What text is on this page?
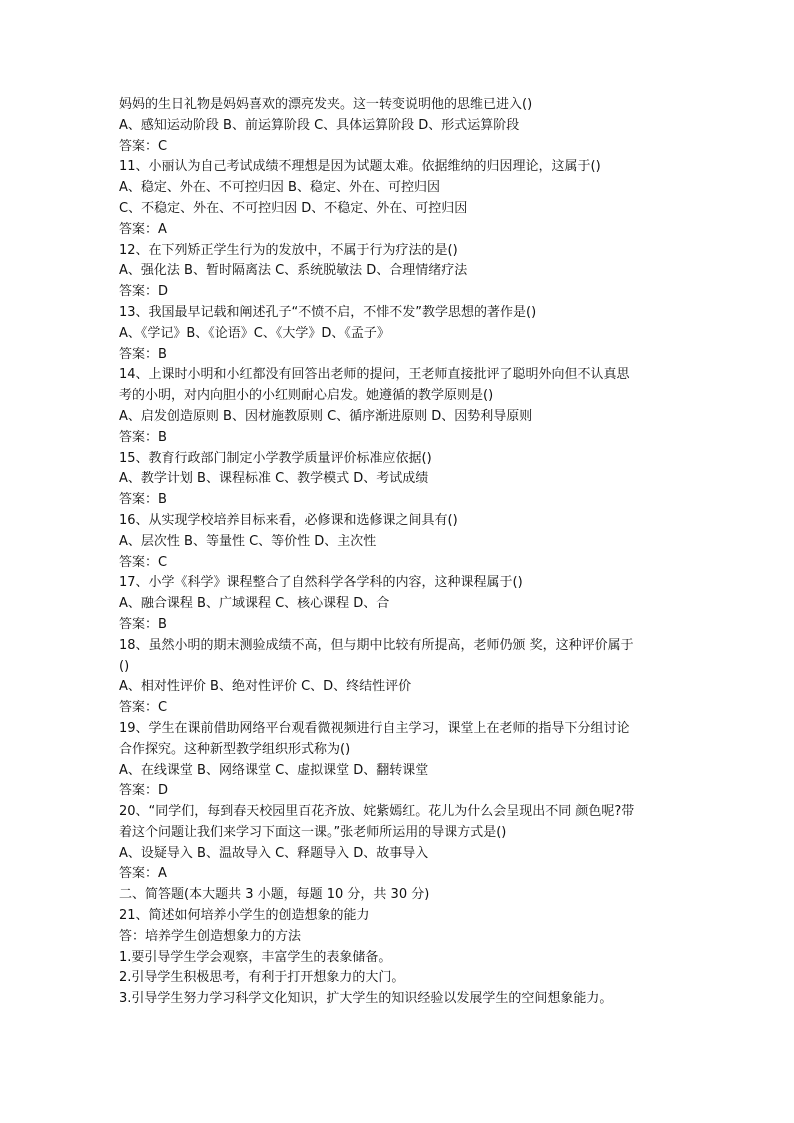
妈妈的生日礼物是妈妈喜欢的漂亮发夹。这一转变说明他的思维已进入()
A、感知运动阶段 B、前运算阶段 C、具体运算阶段 D、形式运算阶段
答案：C
11、小丽认为自己考试成绩不理想是因为试题太难。依据维纳的归因理论，这属于()
A、稳定、外在、不可控归因 B、稳定、外在、可控归因
C、不稳定、外在、不可控归因 D、不稳定、外在、可控归因
答案：A
12、在下列矫正学生行为的发放中，不属于行为疗法的是()
A、强化法 B、暂时隔离法 C、系统脱敏法 D、合理情绪疗法
答案：D
13、我国最早记载和阐述孔子“不愤不启，不悱不发”教学思想的著作是()
A、《学记》B、《论语》C、《大学》D、《孟子》
答案：B
14、上课时小明和小红都没有回答出老师的提问，王老师直接批评了聪明外向但不认真思
考的小明，对内向胆小的小红则耐心启发。她遵循的教学原则是()
A、启发创造原则 B、因材施教原则 C、循序渐进原则 D、因势利导原则
答案：B
15、教育行政部门制定小学教学质量评价标准应依据()
A、教学计划 B、课程标准 C、教学模式 D、考试成绩
答案：B
16、从实现学校培养目标来看，必修课和选修课之间具有()
A、层次性 B、等量性 C、等价性 D、主次性
答案：C
17、小学《科学》课程整合了自然科学各学科的内容，这种课程属于()
A、融合课程 B、广域课程 C、核心课程 D、合
答案：B
18、虽然小明的期末测验成绩不高，但与期中比较有所提高，老师仍颁 奖，这种评价属于
()
A、相对性评价 B、绝对性评价 C、D、终结性评价
答案：C
19、学生在课前借助网络平台观看微视频进行自主学习，课堂上在老师的指导下分组讨论
合作探究。这种新型教学组织形式称为()
A、在线课堂 B、网络课堂 C、虚拟课堂 D、翻转课堂
答案：D
20、“同学们，每到春天校园里百花齐放、姹紫嫣红。花儿为什么会呈现出不同 颜色呢?带
着这个问题让我们来学习下面这一课。”张老师所运用的导课方式是()
A、设疑导入 B、温故导入 C、释题导入 D、故事导入
答案：A
二、简答题(本大题共 3 小题，每题 10 分，共 30 分)
21、简述如何培养小学生的创造想象的能力
答：培养学生创造想象力的方法
1.要引导学生学会观察，丰富学生的表象储备。
2.引导学生积极思考，有利于打开想象力的大门。
3.引导学生努力学习科学文化知识，扩大学生的知识经验以发展学生的空间想象能力。
